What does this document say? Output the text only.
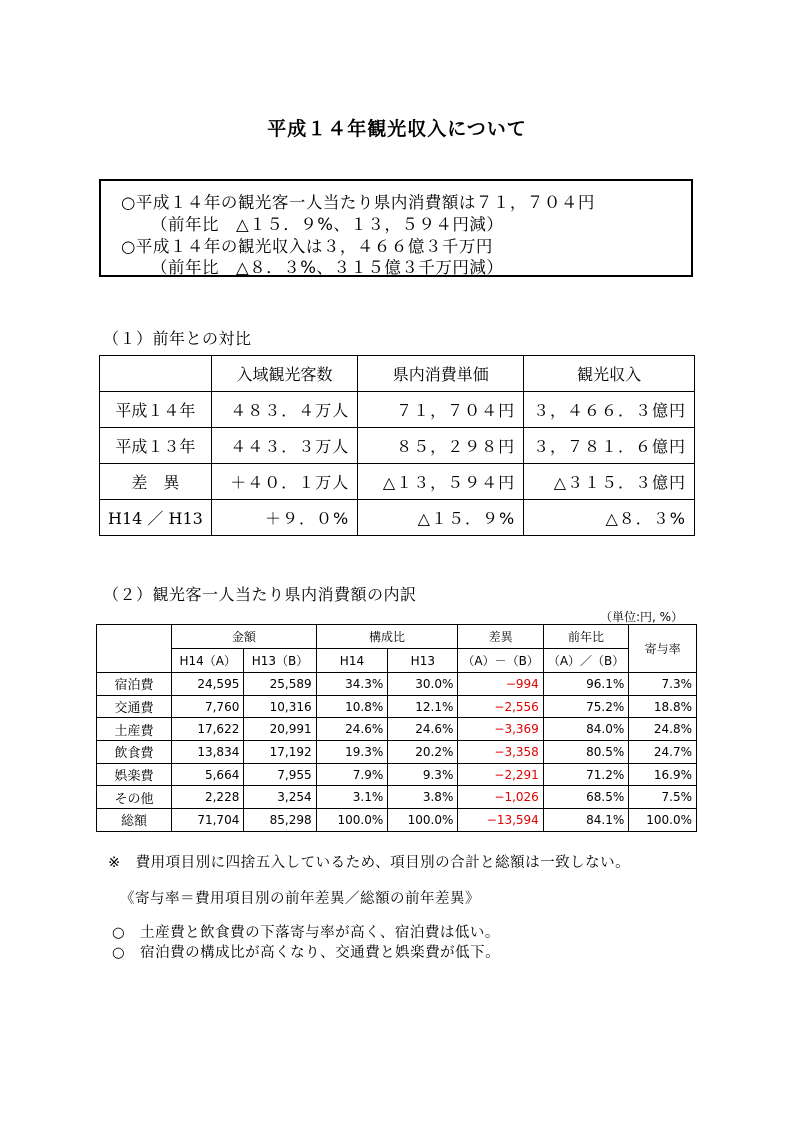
平成１４年観光収入について
○平成１４年の観光客一人当たり県内消費額は７１，７０４円
（前年比　△１５．９%、１３，５９４円減）
○平成１４年の観光収入は３，４６６億３千万円
（前年比　△８．３%、３１５億３千万円減）
（１）前年との対比
	入域観光客数	県内消費単価	観光収入
平成１４年	４８３．４万人	７１，７０４円	３，４６６．３億円
平成１３年	４４３．３万人	８５，２９８円	３，７８１．６億円
差　異	＋４０．１万人	△１３，５９４円	△３１５．３億円
H14 ／ H13	＋９．０%	△１５．９%	△８．３%
（２）観光客一人当たり県内消費額の内訳
（単位:円, %）
	金額		構成比		差異	前年比	寄与率
	H14（A）	H13（B）	H14	H13	（A）－（B）	（A）／（B）	
宿泊費	24,595	25,589	34.3%	30.0%	−994	96.1%	7.3%
交通費	7,760	10,316	10.8%	12.1%	−2,556	75.2%	18.8%
土産費	17,622	20,991	24.6%	24.6%	−3,369	84.0%	24.8%
飲食費	13,834	17,192	19.3%	20.2%	−3,358	80.5%	24.7%
娯楽費	5,664	7,955	7.9%	9.3%	−2,291	71.2%	16.9%
その他	2,228	3,254	3.1%	3.8%	−1,026	68.5%	7.5%
総額	71,704	85,298	100.0%	100.0%	−13,594	84.1%	100.0%
※　費用項目別に四捨五入しているため、項目別の合計と総額は一致しない。
《寄与率＝費用項目別の前年差異／総額の前年差異》
○　土産費と飲食費の下落寄与率が高く、宿泊費は低い。
○　宿泊費の構成比が高くなり、交通費と娯楽費が低下。
